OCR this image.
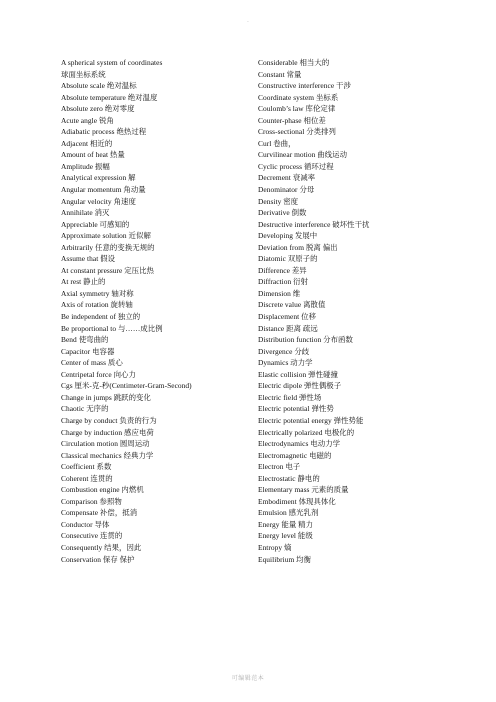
.
A spherical system of coordinates
球面坐标系统
Absolute scale 绝对温标
Absolute temperature 绝对温度
Absolute zero 绝对零度
Acute angle 锐角
Adiabatic process 绝热过程
Adjacent 相近的
Amount of heat 热量
Amplitude 振幅
Analytical expression 解
Angular momentum 角动量
Angular velocity 角速度
Annihilate 消灭
Appreciable 可感知的
Approximate solution 近似解
Arbitrarily 任意的变换无规的
Assume that 假设
At constant pressure 定压比热
At rest 静止的
Axial symmetry 轴对称
Axis of rotation 旋转轴
Be independent of 独立的
Be proportional to 与……成比例
Bend 使弯曲的
Capacitor 电容器
Center of mass 质心
Centripetal force 向心力
Cgs 厘米-克-秒(Centimeter-Gram-Second)
Change in jumps 跳跃的变化
Chaotic 无序的
Charge by conduct 负责的行为
Charge by induction 感应电荷
Circulation motion 圆周运动
Classical mechanics 经典力学
Coefficient 系数
Coherent 连贯的
Combustion engine 内燃机
Comparison 参照物
Compensate 补偿，抵消
Conductor 导体
Consecutive 连贯的
Consequently 结果，因此
Conservation 保存 保护
Considerable 相当大的
Constant 常量
Constructive interference 干涉
Coordinate system 坐标系
Coulomb’s law 库伦定律
Counter-phase 相位差
Cross-sectional 分类排列
Curl 卷曲，
Curvilinear motion 曲线运动
Cyclic process 循环过程
Decrement 衰减率
Denominator 分母
Density 密度
Derivative 倒数
Destructive interference 破坏性干扰
Developing 发展中
Deviation from 脱离 偏出
Diatomic 双原子的
Difference 差异
Diffraction 衍射
Dimension 维
Discrete value 离散值
Displacement 位移
Distance 距离 疏远
Distribution function 分布函数
Divergence 分歧
Dynamics 动力学
Elastic collision 弹性碰撞
Electric dipole 弹性偶极子
Electric field 弹性场
Electric potential 弹性势
Electric potential energy 弹性势能
Electrically polarized 电极化的
Electrodynamics 电动力学
Electromagnetic 电磁的
Electron 电子
Electrostatic 静电的
Elementary mass 元素的质量
Embodiment 体现具体化
Emulsion 感光乳剂
Energy 能量 精力
Energy level 能级
Entropy 熵
Equilibrium 均衡
可编辑范本
